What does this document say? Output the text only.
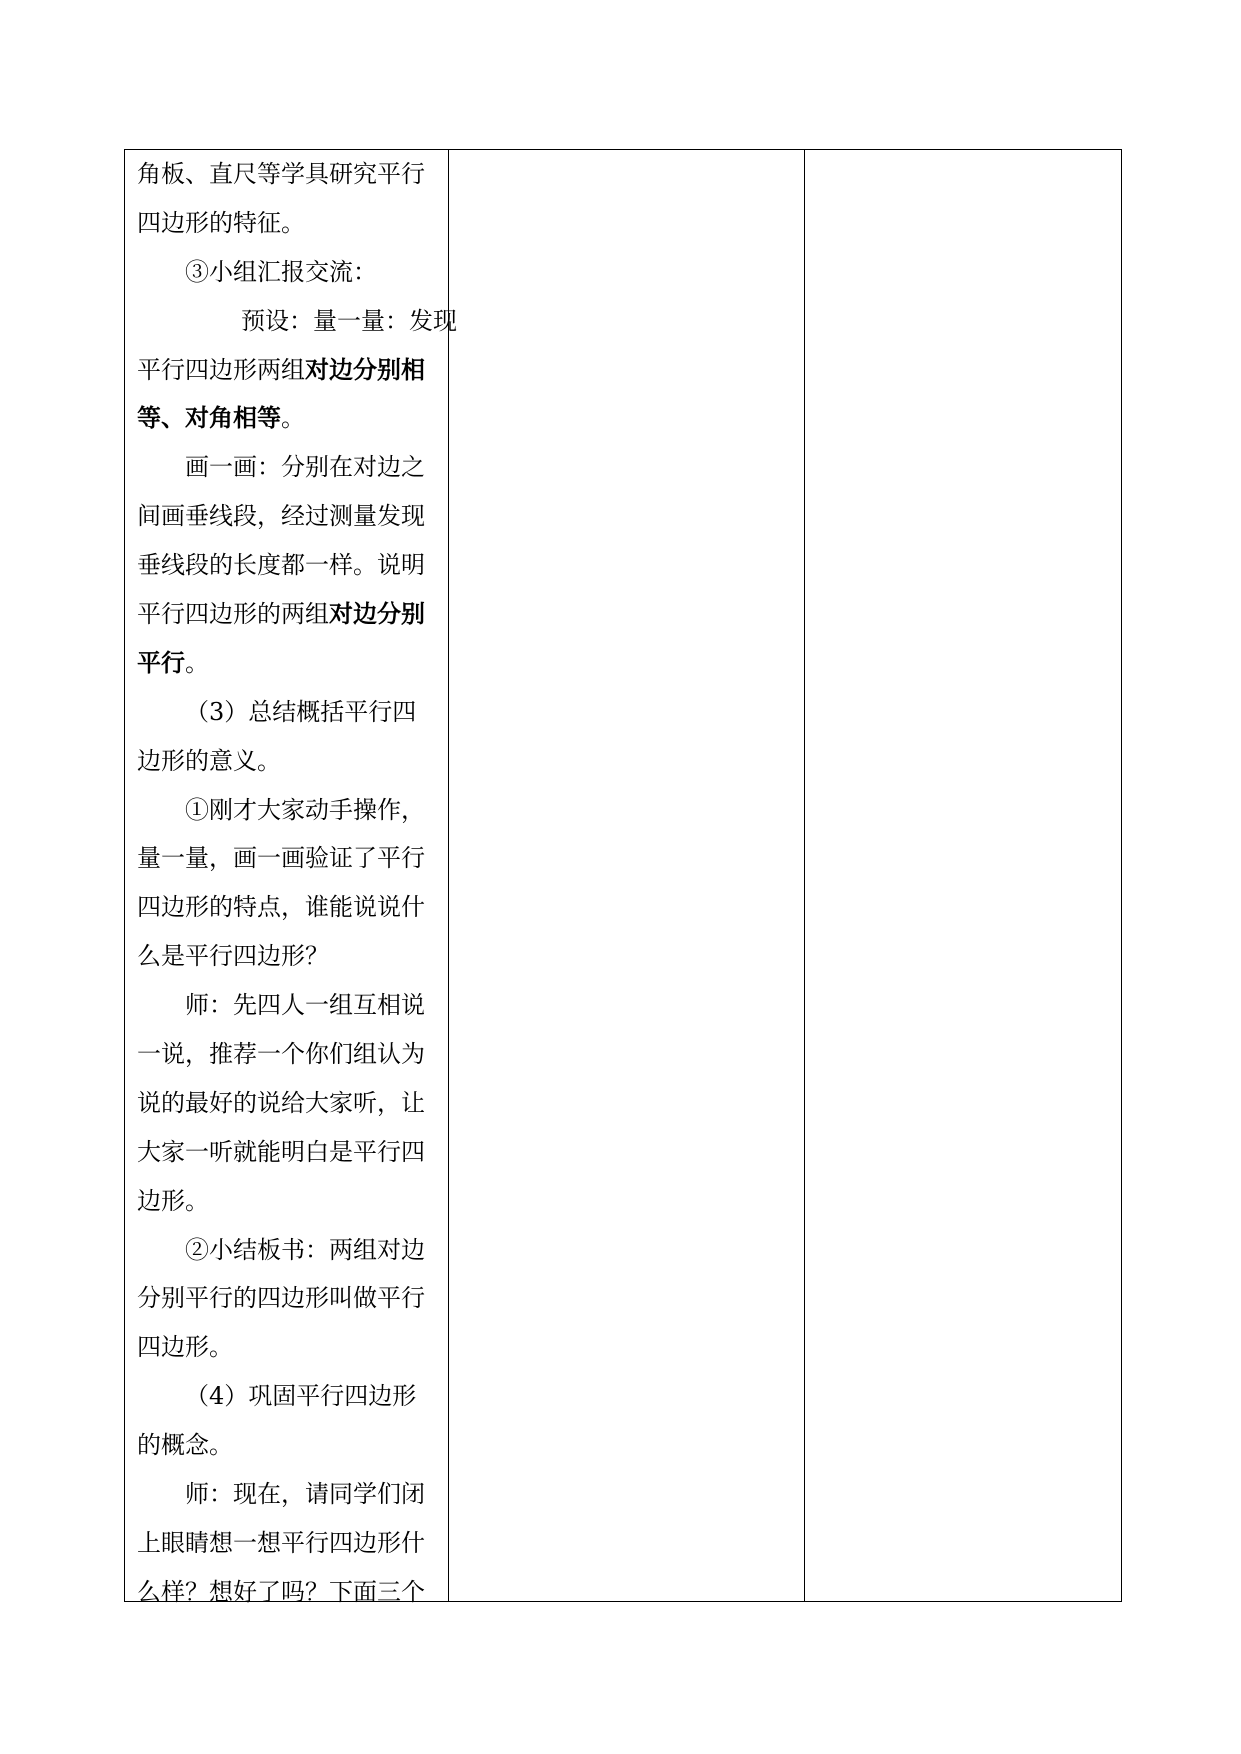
角板、直尺等学具研究平行
四边形的特征。
③小组汇报交流：
预设：量一量：发现
平行四边形两组对边分别相
等、对角相等。
画一画：分别在对边之
间画垂线段，经过测量发现
垂线段的长度都一样。说明
平行四边形的两组对边分别
平行。
（3）总结概括平行四
边形的意义。
①刚才大家动手操作，
量一量，画一画验证了平行
四边形的特点，谁能说说什
么是平行四边形？
师：先四人一组互相说
一说，推荐一个你们组认为
说的最好的说给大家听，让
大家一听就能明白是平行四
边形。
②小结板书：两组对边
分别平行的四边形叫做平行
四边形。
（4）巩固平行四边形
的概念。
师：现在，请同学们闭
上眼睛想一想平行四边形什
么样？想好了吗？下面三个
